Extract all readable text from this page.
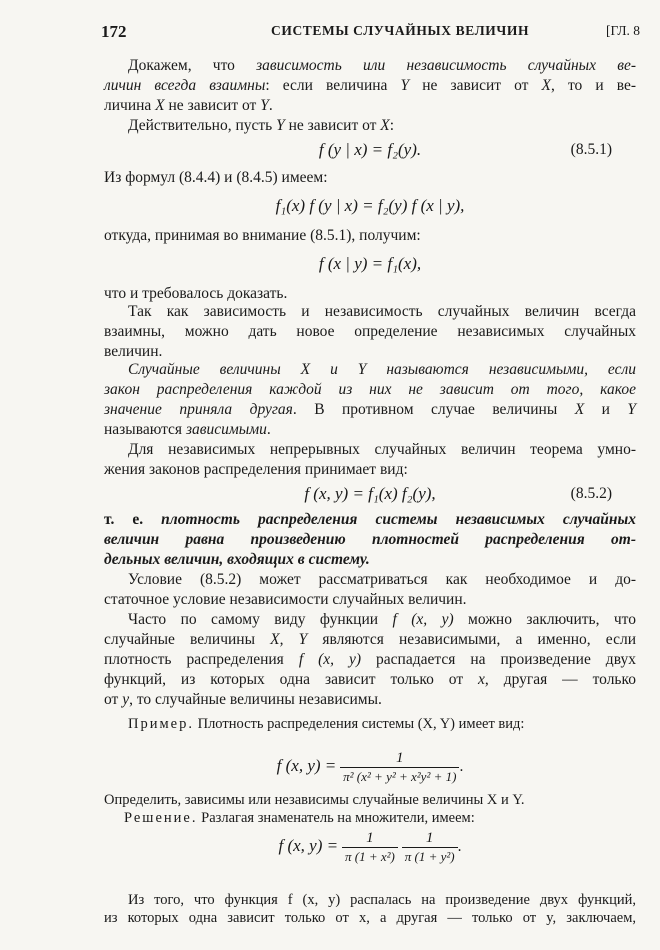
172	СИСТЕМЫ СЛУЧАЙНЫХ ВЕЛИЧИН	[ГЛ. 8
Докажем, что зависимость или независимость случайных ве-
личин всегда взаимны: если величина Y не зависит от X, то и ве-
личина X не зависит от Y.
Действительно, пусть Y не зависит от X:
f (y | x) = f₂(y).	(8.5.1)
Из формул (8.4.4) и (8.4.5) имеем:
f₁(x) f (y | x) = f₂(y) f (x | y),
откуда, принимая во внимание (8.5.1), получим:
f (x | y) = f₁(x),
что и требовалось доказать.
Так как зависимость и независимость случайных величин всегда
взаимны, можно дать новое определение независимых случайных
величин.
Случайные величины X и Y называются независимыми, если
закон распределения каждой из них не зависит от того, какое
значение приняла другая. В противном случае величины X и Y
называются зависимыми.
Для независимых непрерывных случайных величин теорема умно-
жения законов распределения принимает вид:
f (x, y) = f₁(x) f₂(y),	(8.5.2)
т. е. плотность распределения системы независимых случайных
величин равна произведению плотностей распределения от-
дельных величин, входящих в систему.
Условие (8.5.2) может рассматриваться как необходимое и до-
статочное условие независимости случайных величин.
Часто по самому виду функции f (x, y) можно заключить, что
случайные величины X, Y являются независимыми, а именно, если
плотность распределения f (x, y) распадается на произведение двух
функций, из которых одна зависит только от x, другая — только
от y, то случайные величины независимы.
Пример. Плотность распределения системы (X, Y) имеет вид:
f (x, $y) = \frac{1}{\text{π² (x² + y² + x²y² + 1)}}$ .
Определить, зависимы или независимы случайные величины X и Y.
Решение. Разлагая знаменатель на множители, имеем:
f (x, $y) = \frac{1}{\text{π (1 + x²)}}$
$\frac{1}{\text{π (1 + y²)}}$ .
Из того, что функция f (x, y) распалась на произведение двух функций,
из которых одна зависит только от x, а другая — только от y, заключаем,
